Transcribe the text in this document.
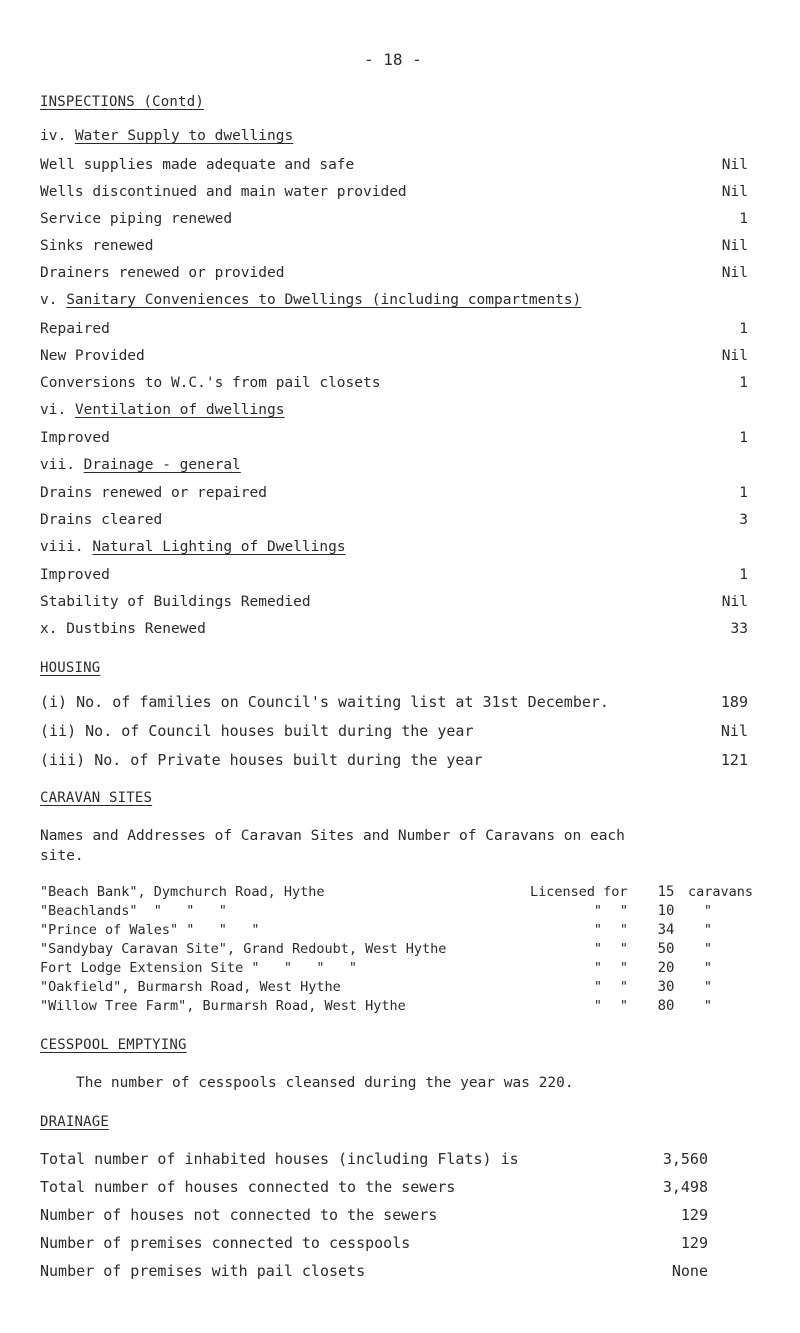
- 18 -
INSPECTIONS (Contd)
iv. Water Supply to dwellings
Well supplies made adequate and safe	Nil
Wells discontinued and main water provided	Nil
Service piping renewed	1
Sinks renewed	Nil
Drainers renewed or provided	Nil
v. Sanitary Conveniences to Dwellings (including compartments)
Repaired	1
New Provided	Nil
Conversions to W.C.'s from pail closets	1
vi. Ventilation of dwellings
Improved	1
vii. Drainage - general
Drains renewed or repaired	1
Drains cleared	3
viii. Natural Lighting of Dwellings
Improved	1
Stability of Buildings Remedied	Nil
x. Dustbins Renewed	33
HOUSING
(i) No. of families on Council's waiting list at 31st December.	189
(ii) No. of Council houses built during the year	Nil
(iii) No. of Private houses built during the year	121
CARAVAN SITES
Names and Addresses of Caravan Sites and Number of Caravans on each
site.
"Beach Bank", Dymchurch Road, Hythe	Licensed for	15	caravans
"Beachlands"  "   "   "	"	"	10	"
"Prince of Wales" "   "   "	"	"	34	"
"Sandybay Caravan Site", Grand Redoubt, West Hythe	"	"	50	"
Fort Lodge Extension Site "   "   "   "	"	"	20	"
"Oakfield", Burmarsh Road, West Hythe	"	"	30	"
"Willow Tree Farm", Burmarsh Road, West Hythe	"	"	80	"
CESSPOOL EMPTYING
The number of cesspools cleansed during the year was 220.
DRAINAGE
Total number of inhabited houses (including Flats) is	3,560
Total number of houses connected to the sewers	3,498
Number of houses not connected to the sewers	129
Number of premises connected to cesspools	129
Number of premises with pail closets	None
